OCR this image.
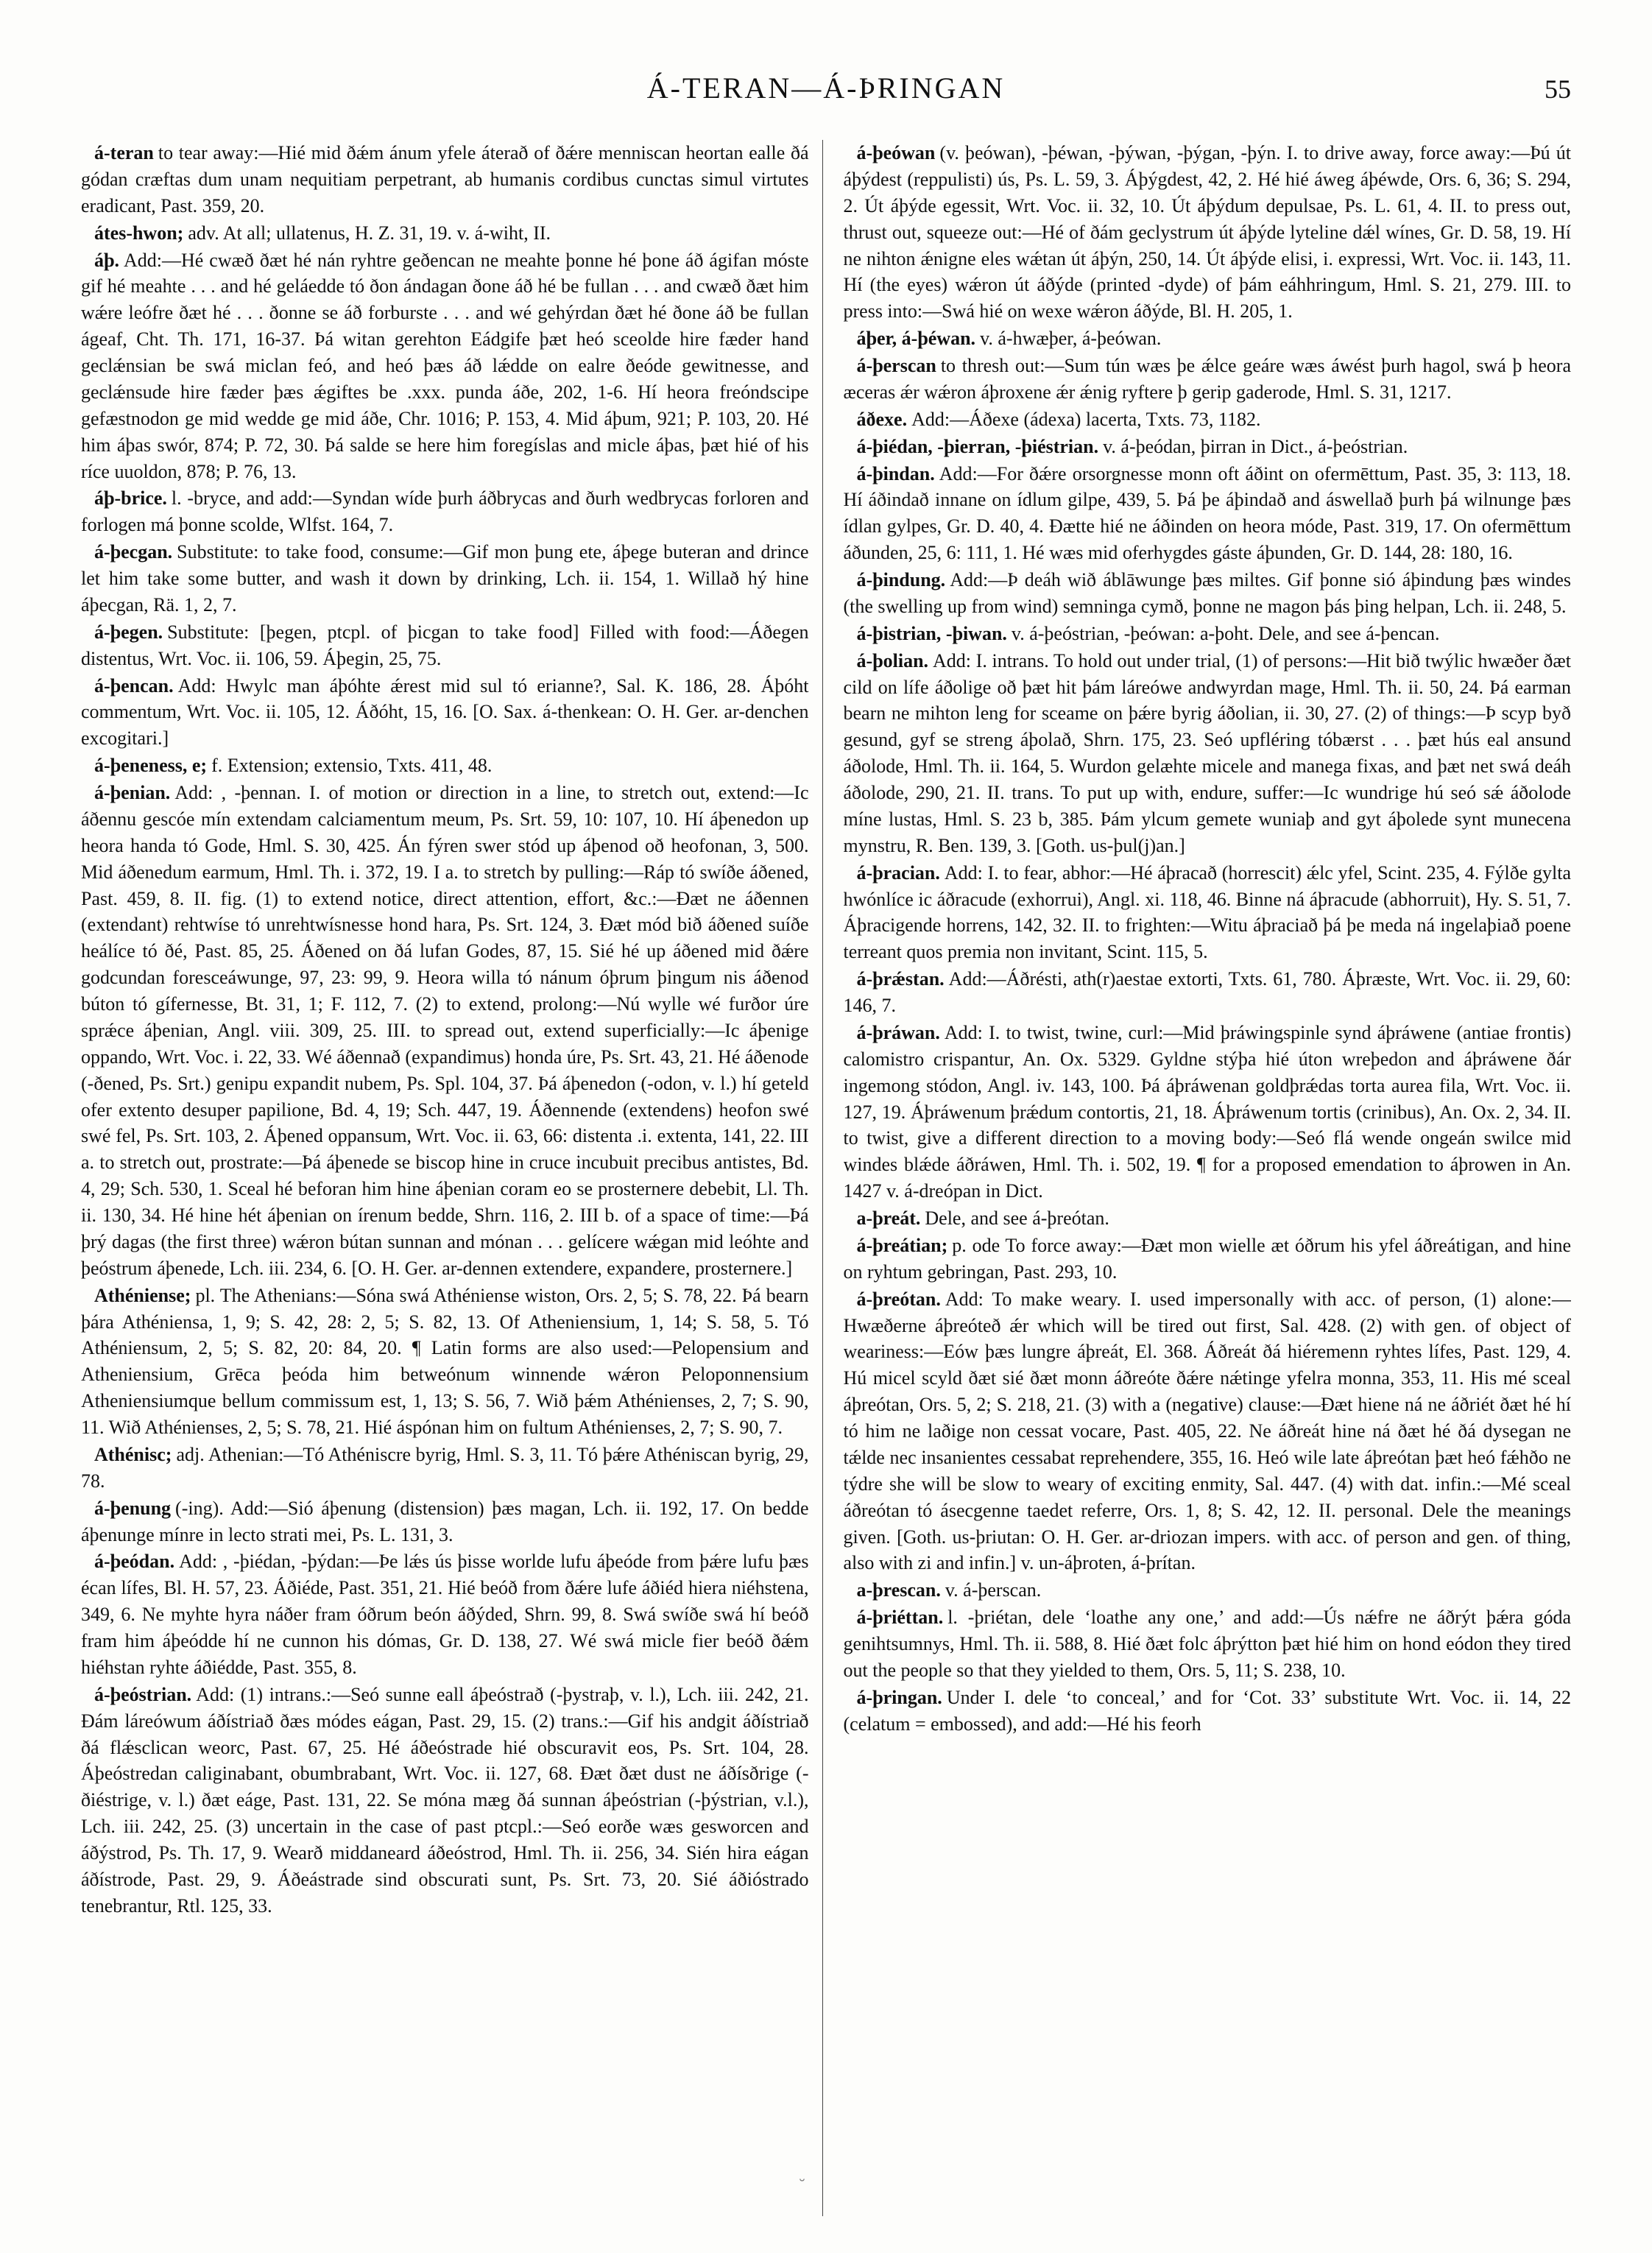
Á-TERAN—Á-ÞRINGAN	55

á-teran to tear away:—Hié mid ðǽm ánum yfele áterað of ðǽre menniscan heortan ealle ðá gódan cræftas dum unam nequitiam perpetrant, ab humanis cordibus cunctas simul virtutes eradicant, Past. 359, 20.

átes-hwon; adv. At all; ullatenus, H. Z. 31, 19. v. á-wiht, II.

áþ. Add:—Hé cwæð ðæt hé nán ryhtre geðencan ne meahte þonne hé þone áð ágifan móste gif hé meahte . . . and hé geláedde tó ðon ándagan ðone áð hé be fullan . . . and cwæð ðæt him wǽre leófre ðæt hé . . . ðonne se áð forburste . . . and wé gehýrdan ðæt hé ðone áð be fullan ágeaf, Cht. Th. 171, 16-37. Þá witan gerehton Eádgife þæt heó sceolde hire fæder hand geclǽnsian be swá miclan feó, and heó þæs áð lǽdde on ealre ðeóde gewitnesse, and geclǽnsude hire fæder þæs ǽgiftes be .xxx. punda áðe, 202, 1-6. Hí heora freóndscipe gefæstnodon ge mid wedde ge mid áðe, Chr. 1016; P. 153, 4. Mid áþum, 921; P. 103, 20. Hé him áþas swór, 874; P. 72, 30. Þá salde se here him foregíslas and micle áþas, þæt hié of his ríce uuoldon, 878; P. 76, 13.

áþ-brice. l. -bryce, and add:—Syndan wíde þurh áðbrycas and ðurh wedbrycas forloren and forlogen má þonne scolde, Wlfst. 164, 7.

á-þecgan. Substitute: to take food, consume:—Gif mon þung ete, áþege buteran and drince let him take some butter, and wash it down by drinking, Lch. ii. 154, 1. Willað hý hine áþecgan, Rä. 1, 2, 7.

á-þegen. Substitute: [þegen, ptcpl. of þicgan to take food] Filled with food:—Áðegen distentus, Wrt. Voc. ii. 106, 59. Áþegin, 25, 75.

á-þencan. Add: Hwylc man áþóhte ǽrest mid sul tó erianne?, Sal. K. 186, 28. Áþóht commentum, Wrt. Voc. ii. 105, 12. Áðóht, 15, 16. [O. Sax. á-thenkean: O. H. Ger. ar-denchen excogitari.]

á-þeneness, e; f. Extension; extensio, Txts. 411, 48.

á-þenian. Add: , -þennan. I. of motion or direction in a line, to stretch out, extend:—Ic áðennu gescóe mín extendam calciamentum meum, Ps. Srt. 59, 10: 107, 10. Hí áþenedon up heora handa tó Gode, Hml. S. 30, 425. Án fýren swer stód up áþenod oð heofonan, 3, 500. Mid áðenedum earmum, Hml. Th. i. 372, 19. I a. to stretch by pulling:—Ráp tó swíðe áðened, Past. 459, 8. II. fig. (1) to extend notice, direct attention, effort, &c.:—Ðæt ne áðennen (extendant) rehtwíse tó unrehtwísnesse hond hara, Ps. Srt. 124, 3. Ðæt mód bið áðened suíðe heálíce tó ðé, Past. 85, 25. Áðened on ðá lufan Godes, 87, 15. Sié hé up áðened mid ðǽre godcundan foresceáwunge, 97, 23: 99, 9. Heora willa tó nánum óþrum þingum nis áðenod búton tó gífernesse, Bt. 31, 1; F. 112, 7. (2) to extend, prolong:—Nú wylle wé furðor úre sprǽce áþenian, Angl. viii. 309, 25. III. to spread out, extend superficially:—Ic áþenige oppando, Wrt. Voc. i. 22, 33. Wé áðennað (expandimus) honda úre, Ps. Srt. 43, 21. Hé áðenode (-ðened, Ps. Srt.) genipu expandit nubem, Ps. Spl. 104, 37. Þá áþenedon (-odon, v. l.) hí geteld ofer extento desuper papilione, Bd. 4, 19; Sch. 447, 19. Áðennende (extendens) heofon swé swé fel, Ps. Srt. 103, 2. Áþened oppansum, Wrt. Voc. ii. 63, 66: distenta .i. extenta, 141, 22. III a. to stretch out, prostrate:—Þá áþenede se biscop hine in cruce incubuit precibus antistes, Bd. 4, 29; Sch. 530, 1. Sceal hé beforan him hine áþenian coram eo se prosternere debebit, Ll. Th. ii. 130, 34. Hé hine hét áþenian on írenum bedde, Shrn. 116, 2. III b. of a space of time:—Þá þrý dagas (the first three) wǽron bútan sunnan and mónan . . . gelícere wǽgan mid leóhte and þeóstrum áþenede, Lch. iii. 234, 6. [O. H. Ger. ar-dennen extendere, expandere, prosternere.]

Athéniense; pl. The Athenians:—Sóna swá Athéniense wiston, Ors. 2, 5; S. 78, 22. Þá bearn þára Athéniensa, 1, 9; S. 42, 28: 2, 5; S. 82, 13. Of Atheniensium, 1, 14; S. 58, 5. Tó Athéniensum, 2, 5; S. 82, 20: 84, 20. ¶ Latin forms are also used:—Pelopensium and Atheniensium, Grēca þeóda him betweónum winnende wǽron Peloponnensium Atheniensiumque bellum commissum est, 1, 13; S. 56, 7. Wið þǽm Athénienses, 2, 7; S. 90, 11. Wið Athénienses, 2, 5; S. 78, 21. Hié áspónan him on fultum Athénienses, 2, 7; S. 90, 7.

Athénisc; adj. Athenian:—Tó Athéniscre byrig, Hml. S. 3, 11. Tó þǽre Athéniscan byrig, 29, 78.

á-þenung (-ing). Add:—Sió áþenung (distension) þæs magan, Lch. ii. 192, 17. On bedde áþenunge mínre in lecto strati mei, Ps. L. 131, 3.

á-þeódan. Add: , -þiédan, -þýdan:—Þe lǽs ús þisse worlde lufu áþeóde from þǽre lufu þæs écan lífes, Bl. H. 57, 23. Áðiéde, Past. 351, 21. Hié beóð from ðǽre lufe áðiéd hiera niéhstena, 349, 6. Ne myhte hyra náðer fram óðrum beón áðýded, Shrn. 99, 8. Swá swíðe swá hí beóð fram him áþeódde hí ne cunnon his dómas, Gr. D. 138, 27. Wé swá micle fier beóð ðǽm hiéhstan ryhte áðiédde, Past. 355, 8.

á-þeóstrian. Add: (1) intrans.:—Seó sunne eall áþeóstrað (-þystraþ, v. l.), Lch. iii. 242, 21. Ðám láreówum áðístriað ðæs módes eágan, Past. 29, 15. (2) trans.:—Gif his andgit áðístriað ðá flǽsclican weorc, Past. 67, 25. Hé áðeóstrade hié obscuravit eos, Ps. Srt. 104, 28. Áþeóstredan caliginabant, obumbrabant, Wrt. Voc. ii. 127, 68. Ðæt ðæt dust ne áðísðrige (-ðiéstrige, v. l.) ðæt eáge, Past. 131, 22. Se móna mæg ðá sunnan áþeóstrian (-þýstrian, v.l.), Lch. iii. 242, 25. (3) uncertain in the case of past ptcpl.:—Seó eorðe wæs gesworcen and áðýstrod, Ps. Th. 17, 9. Wearð middaneard áðeóstrod, Hml. Th. ii. 256, 34. Sién hira eágan áðístrode, Past. 29, 9. Áðeástrade sind obscurati sunt, Ps. Srt. 73, 20. Sié áðióstrado tenebrantur, Rtl. 125, 33.

á-þeówan (v. þeówan), -þéwan, -þýwan, -þýgan, -þýn. I. to drive away, force away:—Þú út áþýdest (reppulisti) ús, Ps. L. 59, 3. Áþýgdest, 42, 2. Hé hié áweg áþéwde, Ors. 6, 36; S. 294, 2. Út áþýde egessit, Wrt. Voc. ii. 32, 10. Út áþýdum depulsae, Ps. L. 61, 4. II. to press out, thrust out, squeeze out:—Hé of ðám geclystrum út áþýde lyteline dǽl wínes, Gr. D. 58, 19. Hí ne nihton ǽnigne eles wǽtan út áþýn, 250, 14. Út áþýde elisi, i. expressi, Wrt. Voc. ii. 143, 11. Hí (the eyes) wǽron út áðýde (printed -dyde) of þám eáhhringum, Hml. S. 21, 279. III. to press into:—Swá hié on wexe wǽron áðýde, Bl. H. 205, 1.

áþer, á-þéwan. v. á-hwæþer, á-þeówan.

á-þerscan to thresh out:—Sum tún wæs þe ǽlce geáre wæs áwést þurh hagol, swá þ heora æceras ǽr wǽron áþroxene ǽr ǽnig ryftere þ gerip gaderode, Hml. S. 31, 1217.

áðexe. Add:—Áðexe (ádexa) lacerta, Txts. 73, 1182.

á-þiédan, -þierran, -þiéstrian. v. á-þeódan, þirran in Dict., á-þeóstrian.

á-þindan. Add:—For ðǽre orsorgnesse monn oft áðint on ofermēttum, Past. 35, 3: 113, 18. Hí áðindað innane on ídlum gilpe, 439, 5. Þá þe áþindað and áswellað þurh þá wilnunge þæs ídlan gylpes, Gr. D. 40, 4. Ðætte hié ne áðinden on heora móde, Past. 319, 17. On ofermēttum áðunden, 25, 6: 111, 1. Hé wæs mid oferhygdes gáste áþunden, Gr. D. 144, 28: 180, 16.

á-þindung. Add:—Þ deáh wið áblāwunge þæs miltes. Gif þonne sió áþindung þæs windes (the swelling up from wind) semninga cymð, þonne ne magon þás þing helpan, Lch. ii. 248, 5.

á-þistrian, -þiwan. v. á-þeóstrian, -þeówan: a-þoht. Dele, and see á-þencan.

á-þolian. Add: I. intrans. To hold out under trial, (1) of persons:—Hit bið twýlic hwæðer ðæt cild on lífe áðolige oð þæt hit þám láreówe andwyrdan mage, Hml. Th. ii. 50, 24. Þá earman bearn ne mihton leng for sceame on þǽre byrig áðolian, ii. 30, 27. (2) of things:—Þ scyp byð gesund, gyf se streng áþolað, Shrn. 175, 23. Seó upfléring tóbærst . . . þæt hús eal ansund áðolode, Hml. Th. ii. 164, 5. Wurdon gelæhte micele and manega fixas, and þæt net swá deáh áðolode, 290, 21. II. trans. To put up with, endure, suffer:—Ic wundrige hú seó sǽ áðolode míne lustas, Hml. S. 23 b, 385. Þám ylcum gemete wuniaþ and gyt áþolede synt munecena mynstru, R. Ben. 139, 3. [Goth. us-þul(j)an.]

á-þracian. Add: I. to fear, abhor:—Hé áþracað (horrescit) ǽlc yfel, Scint. 235, 4. Fýlðe gylta hwónlíce ic áðracude (exhorrui), Angl. xi. 118, 46. Binne ná áþracude (abhorruit), Hy. S. 51, 7. Áþracigende horrens, 142, 32. II. to frighten:—Witu áþraciað þá þe meda ná ingelaþiað poene terreant quos premia non invitant, Scint. 115, 5.

á-þrǽstan. Add:—Áðrésti, ath(r)aestae extorti, Txts. 61, 780. Áþræste, Wrt. Voc. ii. 29, 60: 146, 7.

á-þráwan. Add: I. to twist, twine, curl:—Mid þráwingspinle synd áþráwene (antiae frontis) calomistro crispantur, An. Ox. 5329. Gyldne stýþa hié úton wreþedon and áþráwene ðár ingemong stódon, Angl. iv. 143, 100. Þá áþráwenan goldþrǽdas torta aurea fila, Wrt. Voc. ii. 127, 19. Áþráwenum þrǽdum contortis, 21, 18. Áþráwenum tortis (crinibus), An. Ox. 2, 34. II. to twist, give a different direction to a moving body:—Seó flá wende ongeán swilce mid windes blǽde áðráwen, Hml. Th. i. 502, 19. ¶ for a proposed emendation to áþrowen in An. 1427 v. á-dreópan in Dict.

a-þreát. Dele, and see á-þreótan.

á-þreátian; p. ode To force away:—Ðæt mon wielle æt óðrum his yfel áðreátigan, and hine on ryhtum gebringan, Past. 293, 10.

á-þreótan. Add: To make weary. I. used impersonally with acc. of person, (1) alone:—Hwæðerne áþreóteð ǽr which will be tired out first, Sal. 428. (2) with gen. of object of weariness:—Eów þæs lungre áþreát, El. 368. Áðreát ðá hiéremenn ryhtes lífes, Past. 129, 4. Hú micel scyld ðæt sié ðæt monn áðreóte ðǽre nǽtinge yfelra monna, 353, 11. His mé sceal áþreótan, Ors. 5, 2; S. 218, 21. (3) with a (negative) clause:—Ðæt hiene ná ne áðriét ðæt hé hí tó him ne laðige non cessat vocare, Past. 405, 22. Ne áðreát hine ná ðæt hé ðá dysegan ne tǽlde nec insanientes cessabat reprehendere, 355, 16. Heó wile late áþreótan þæt heó fǽhðo ne týdre she will be slow to weary of exciting enmity, Sal. 447. (4) with dat. infin.:—Mé sceal áðreótan tó ásecgenne taedet referre, Ors. 1, 8; S. 42, 12. II. personal. Dele the meanings given. [Goth. us-þriutan: O. H. Ger. ar-driozan impers. with acc. of person and gen. of thing, also with zi and infin.] v. un-áþroten, á-þrítan.

a-þrescan. v. á-þerscan.

á-þriéttan. l. -þriétan, dele ‘loathe any one,’ and add:—Ús nǽfre ne áðrýt þǽra góda genihtsumnys, Hml. Th. ii. 588, 8. Hié ðæt folc áþrýtton þæt hié him on hond eódon they tired out the people so that they yielded to them, Ors. 5, 11; S. 238, 10.

á-þringan. Under I. dele ‘to conceal,’ and for ‘Cot. 33’ substitute Wrt. Voc. ii. 14, 22 (celatum = embossed), and add:—Hé his feorh

˘
